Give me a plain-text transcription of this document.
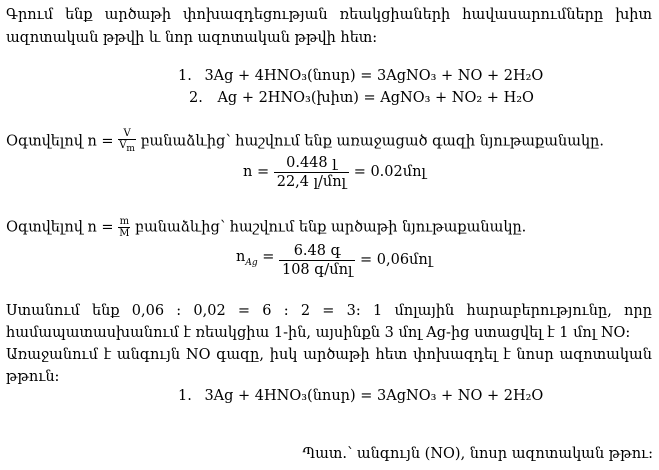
Գրում ենք արծաթի փոխազդեցության ռեակցիաների հավասարումները խիտ
ազոտական թթվի և նոր ազոտական թթվի հետ:
1. 3Ag + 4HNO₃(նոսր) = 3AgNO₃ + NO + 2H₂O
2. Ag + 2HNO₃(խիտ) = AgNO₃ + NO₂ + H₂O
Օգտվելով $n = \frac{V}{V_m}$ բանաձևից՝ հաշվում ենք առաջացած գազի նյութաքանակը.
$n = \frac{\text{0.448 լ}}{\text{22,4 լ/մոլ}}$ = 0.02մոլ
Օգտվելով $n = \frac{m}{M}$ բանաձևից՝ հաշվում ենք արծաթի նյութաքանակը.
$n_{Ag} = \frac{\text{6.48 գ}}{\text{108 գ/մոլ}}$ = 0,06մոլ
Ստանում ենք 0,06 : 0,02 = 6 : 2 = 3: 1 մոլային հարաբերությունը, որը
համապատասխանում է ռեակցիա 1-ին, այսինքն 3 մոլ Ag-ից ստացվել է 1 մոլ NO:
Առաջանում է անգույն NO գազը, իսկ արծաթի հետ փոխազդել է նոսր ազոտական
թթուն:
1. 3Ag + 4HNO₃(նոսր) = 3AgNO₃ + NO + 2H₂O
Պատ.՝ անգույն (NO), նոսր ազոտական թթու:
